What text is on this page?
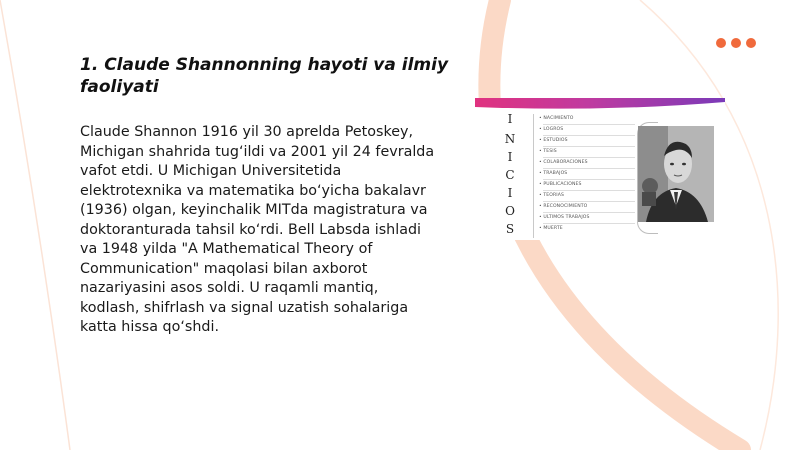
1. Claude Shannonning hayoti va ilmiy faoliyati

Claude Shannon 1916 yil 30 aprelda Petoskey, Michigan shahrida tug‘ildi va 2001 yil 24 fevralda vafot etdi. U Michigan Universitetida elektrotexnika va matematika bo‘yicha bakalavr (1936) olgan, keyinchalik MITda magistratura va doktoranturada tahsil ko‘rdi. Bell Labsda ishladi va 1948 yilda "A Mathematical Theory of Communication" maqolasi bilan axborot nazariyasini asos soldi. U raqamli mantiq, kodlash, shifrlash va signal uzatish sohalariga katta hissa qo‘shdi.

I
N
I
C
I
O
S
• NACIMIENTO
• LOGROS
• ESTUDIOS
• TESIS
• COLABORACIONES
• TRABAJOS
• PUBLICACIONES
• TEORIAS
• RECONOCIMIENTO
• ULTIMOS TRABAJOS
• MUERTE
